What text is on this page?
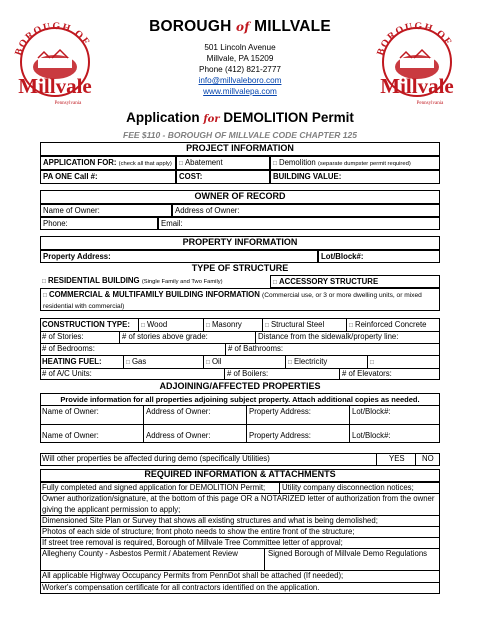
BOROUGH OF
Millvale
Pennsylvania
BOROUGH OF
Millvale
Pennsylvania
BOROUGH of MILLVALE
501 Lincoln Avenue
Millvale, PA 15209
Phone (412) 821-2777
info@millvaleboro.com
www.millvalepa.com
Application for DEMOLITION Permit
FEE $110 - BOROUGH OF MILLVALE CODE CHAPTER 125
PROJECT INFORMATION
APPLICATION FOR: (check all that apply)	□ Abatement	□ Demolition (separate dumpster permit required)
PA ONE Call #:	COST:	BUILDING VALUE:
OWNER OF RECORD
Name of Owner:	Address of Owner:
Phone:	Email:
PROPERTY INFORMATION
Property Address:	Lot/Block#:
TYPE OF STRUCTURE
□ RESIDENTIAL BUILDING (Single Family and Two Family)	□ ACCESSORY STRUCTURE
□ COMMERCIAL & MULTIFAMILY BUILDING INFORMATION (Commercial use, or 3 or more dwelling units, or mixed residential with commercial)
CONSTRUCTION TYPE: □ Wood	□ Masonry	□ Structural Steel	□ Reinforced Concrete
# of Stories:	# of stories above grade:	Distance from the sidewalk/property line:
# of Bedrooms:	# of Bathrooms:
HEATING FUEL:	□ Gas	□ Oil	□ Electricity	□
# of A/C Units:	# of Boilers:	# of Elevators:
ADJOINING/AFFECTED PROPERTIES
Provide information for all properties adjoining subject property. Attach additional copies as needed.
Name of Owner:	Address of Owner:	Property Address:	Lot/Block#:
Name of Owner:	Address of Owner:	Property Address:	Lot/Block#:
Will other properties be affected during demo (specifically Utilities)	YES NO
REQUIRED INFORMATION & ATTACHMENTS
Fully completed and signed application for DEMOLITION Permit; Utility company disconnection notices;
Owner authorization/signature, at the bottom of this page OR a NOTARIZED letter of authorization from the owner giving the applicant permission to apply;
Dimensioned Site Plan or Survey that shows all existing structures and what is being demolished;
Photos of each side of structure; front photo needs to show the entire front of the structure;
If street tree removal is required, Borough of Millvale Tree Committee letter of approval;
Allegheny County - Asbestos Permit / Abatement Review	Signed Borough of Millvale Demo Regulations
All applicable Highway Occupancy Permits from PennDot shall be attached (If needed);
Worker's compensation certificate for all contractors identified on the application.
